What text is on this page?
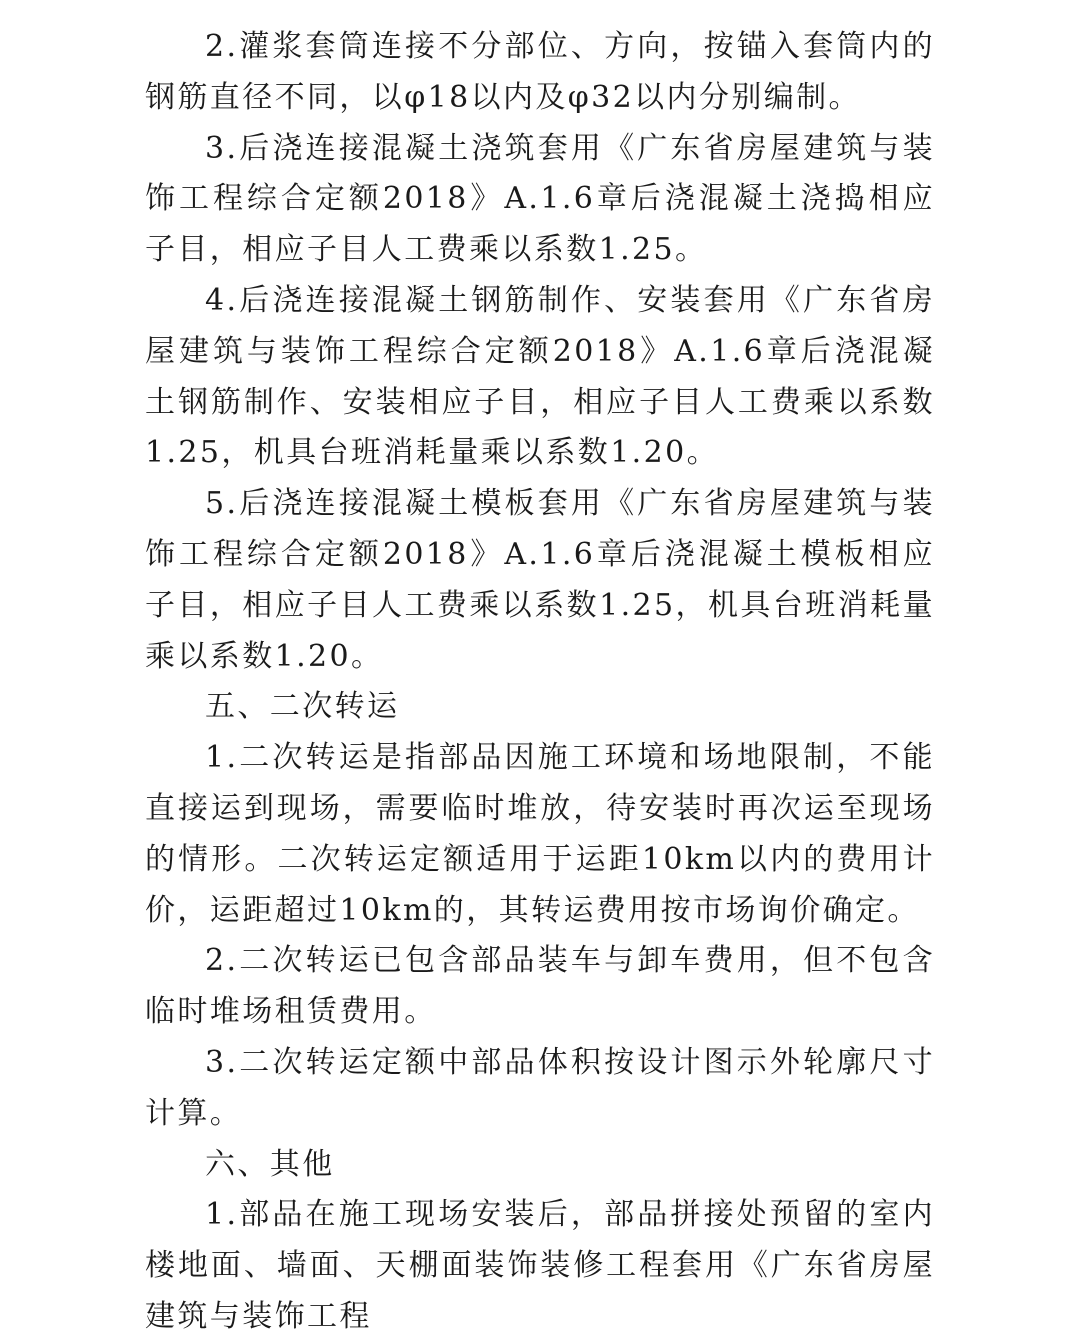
2.灌浆套筒连接不分部位、方向，按锚入套筒内的钢筋直径不同，以φ18以内及φ32以内分别编制。

3.后浇连接混凝土浇筑套用《广东省房屋建筑与装饰工程综合定额2018》A.1.6章后浇混凝土浇捣相应子目，相应子目人工费乘以系数1.25。

4.后浇连接混凝土钢筋制作、安装套用《广东省房屋建筑与装饰工程综合定额2018》A.1.6章后浇混凝土钢筋制作、安装相应子目，相应子目人工费乘以系数1.25，机具台班消耗量乘以系数1.20。

5.后浇连接混凝土模板套用《广东省房屋建筑与装饰工程综合定额2018》A.1.6章后浇混凝土模板相应子目，相应子目人工费乘以系数1.25，机具台班消耗量乘以系数1.20。

五、二次转运

1.二次转运是指部品因施工环境和场地限制，不能直接运到现场，需要临时堆放，待安装时再次运至现场的情形。二次转运定额适用于运距10km以内的费用计价，运距超过10km的，其转运费用按市场询价确定。

2.二次转运已包含部品装车与卸车费用，但不包含临时堆场租赁费用。

3.二次转运定额中部品体积按设计图示外轮廓尺寸计算。

六、其他

1.部品在施工现场安装后，部品拼接处预留的室内楼地面、墙面、天棚面装饰装修工程套用《广东省房屋建筑与装饰工程
